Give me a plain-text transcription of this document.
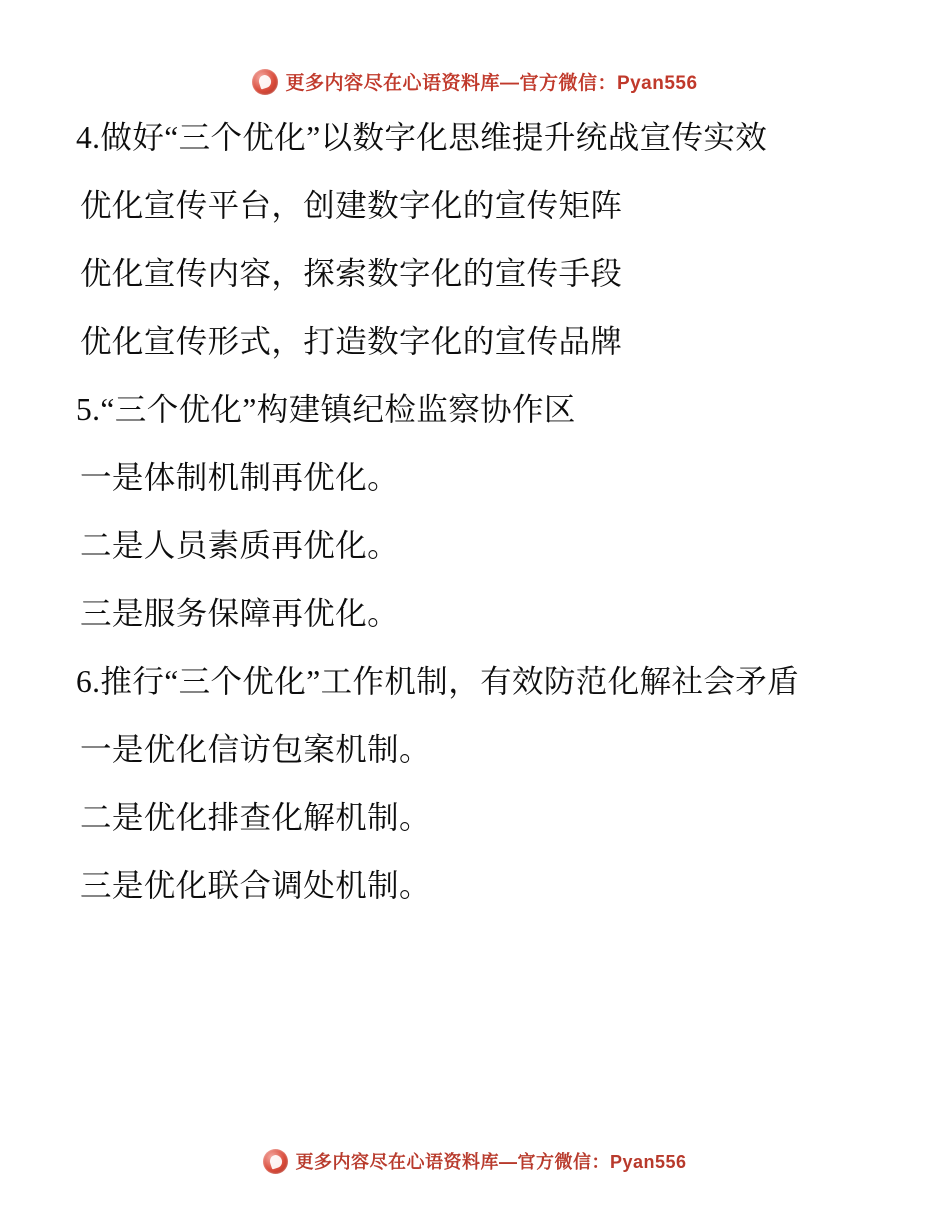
更多内容尽在心语资料库—官方微信：Pyan556

4.做好“三个优化”以数字化思维提升统战宣传实效

优化宣传平台，创建数字化的宣传矩阵

优化宣传内容，探索数字化的宣传手段

优化宣传形式，打造数字化的宣传品牌

5.“三个优化”构建镇纪检监察协作区

一是体制机制再优化。

二是人员素质再优化。

三是服务保障再优化。

6.推行“三个优化”工作机制，有效防范化解社会矛盾

一是优化信访包案机制。

二是优化排查化解机制。

三是优化联合调处机制。

更多内容尽在心语资料库—官方微信：Pyan556
